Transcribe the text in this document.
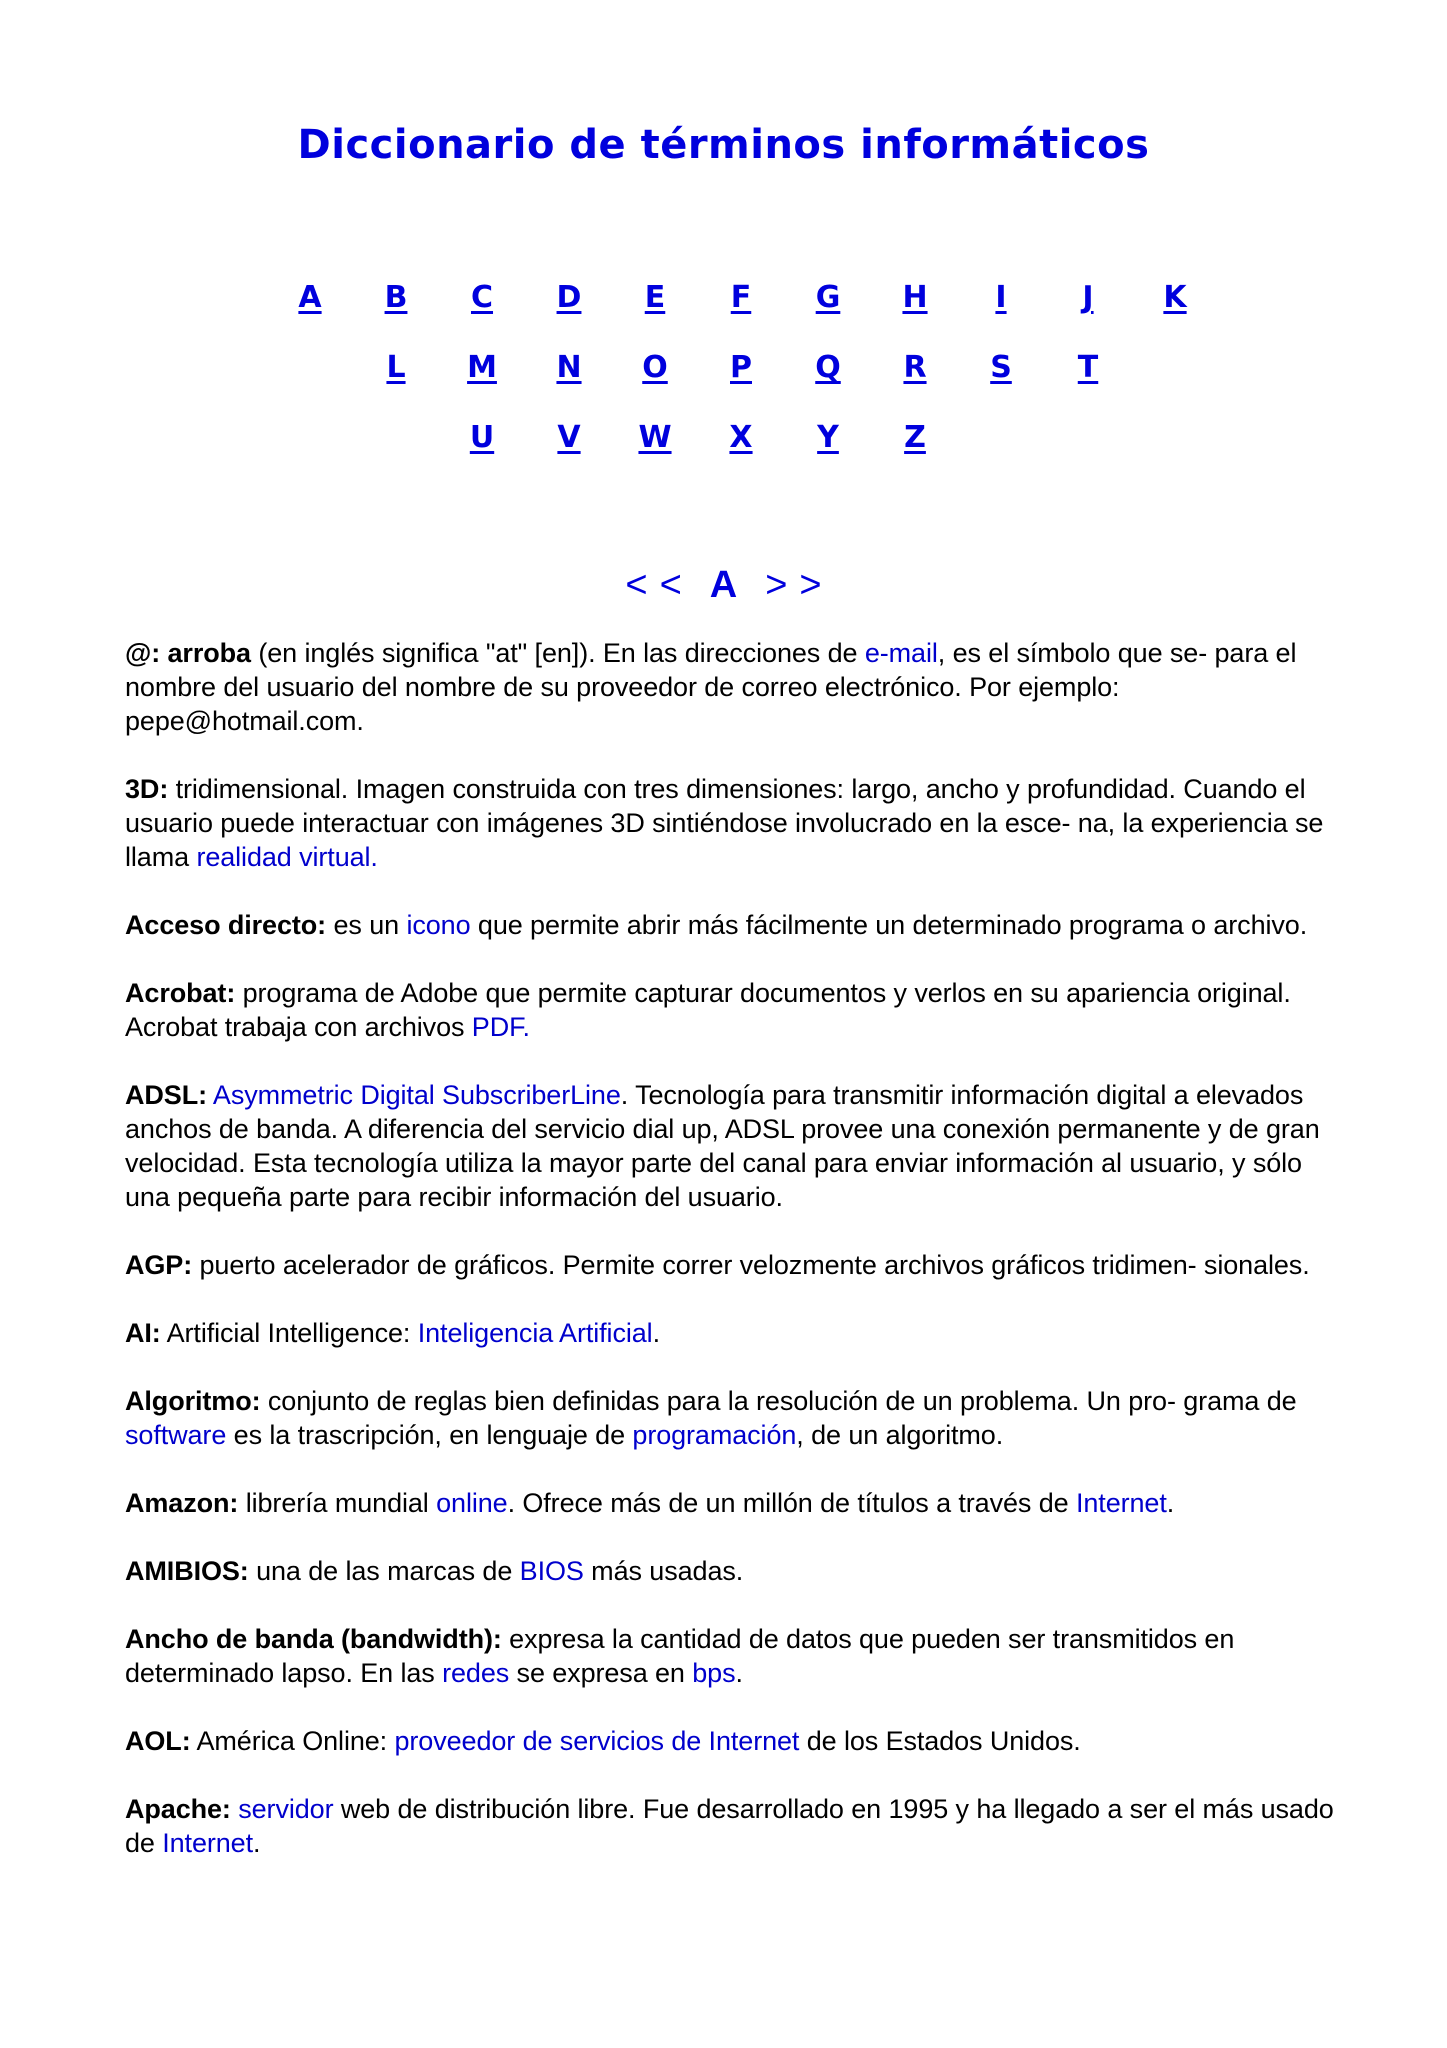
Diccionario de términos informáticos
A B C D E F G H I	J K
L M N O P Q R S T
U V W X Y Z
< < A > >

@: arroba (en inglés significa "at" [en]). En las direcciones de e-mail, es el símbolo que se- para el nombre del usuario del nombre de su proveedor de correo electrónico. Por ejemplo: pepe@hotmail.com.

3D: tridimensional. Imagen construida con tres dimensiones: largo, ancho y profundidad. Cuando el usuario puede interactuar con imágenes 3D sintiéndose involucrado en la esce- na, la experiencia se llama realidad virtual.

Acceso directo: es un icono que permite abrir más fácilmente un determinado programa o archivo.

Acrobat: programa de Adobe que permite capturar documentos y verlos en su apariencia original. Acrobat trabaja con archivos PDF.

ADSL: Asymmetric Digital SubscriberLine. Tecnología para transmitir información digital a elevados anchos de banda. A diferencia del servicio dial up, ADSL provee una conexión permanente y de gran velocidad. Esta tecnología utiliza la mayor parte del canal para enviar información al usuario, y sólo una pequeña parte para recibir información del usuario.

AGP: puerto acelerador de gráficos. Permite correr velozmente archivos gráficos tridimen- sionales.

AI: Artificial Intelligence: Inteligencia Artificial.

Algoritmo: conjunto de reglas bien definidas para la resolución de un problema. Un pro- grama de software es la trascripción, en lenguaje de programación, de un algoritmo.

Amazon: librería mundial online. Ofrece más de un millón de títulos a través de Internet.

AMIBIOS: una de las marcas de BIOS más usadas.

Ancho de banda (bandwidth): expresa la cantidad de datos que pueden ser transmitidos en determinado lapso. En las redes se expresa en bps.

AOL: América Online: proveedor de servicios de Internet de los Estados Unidos.

Apache: servidor web de distribución libre. Fue desarrollado en 1995 y ha llegado a ser el más usado de Internet.
